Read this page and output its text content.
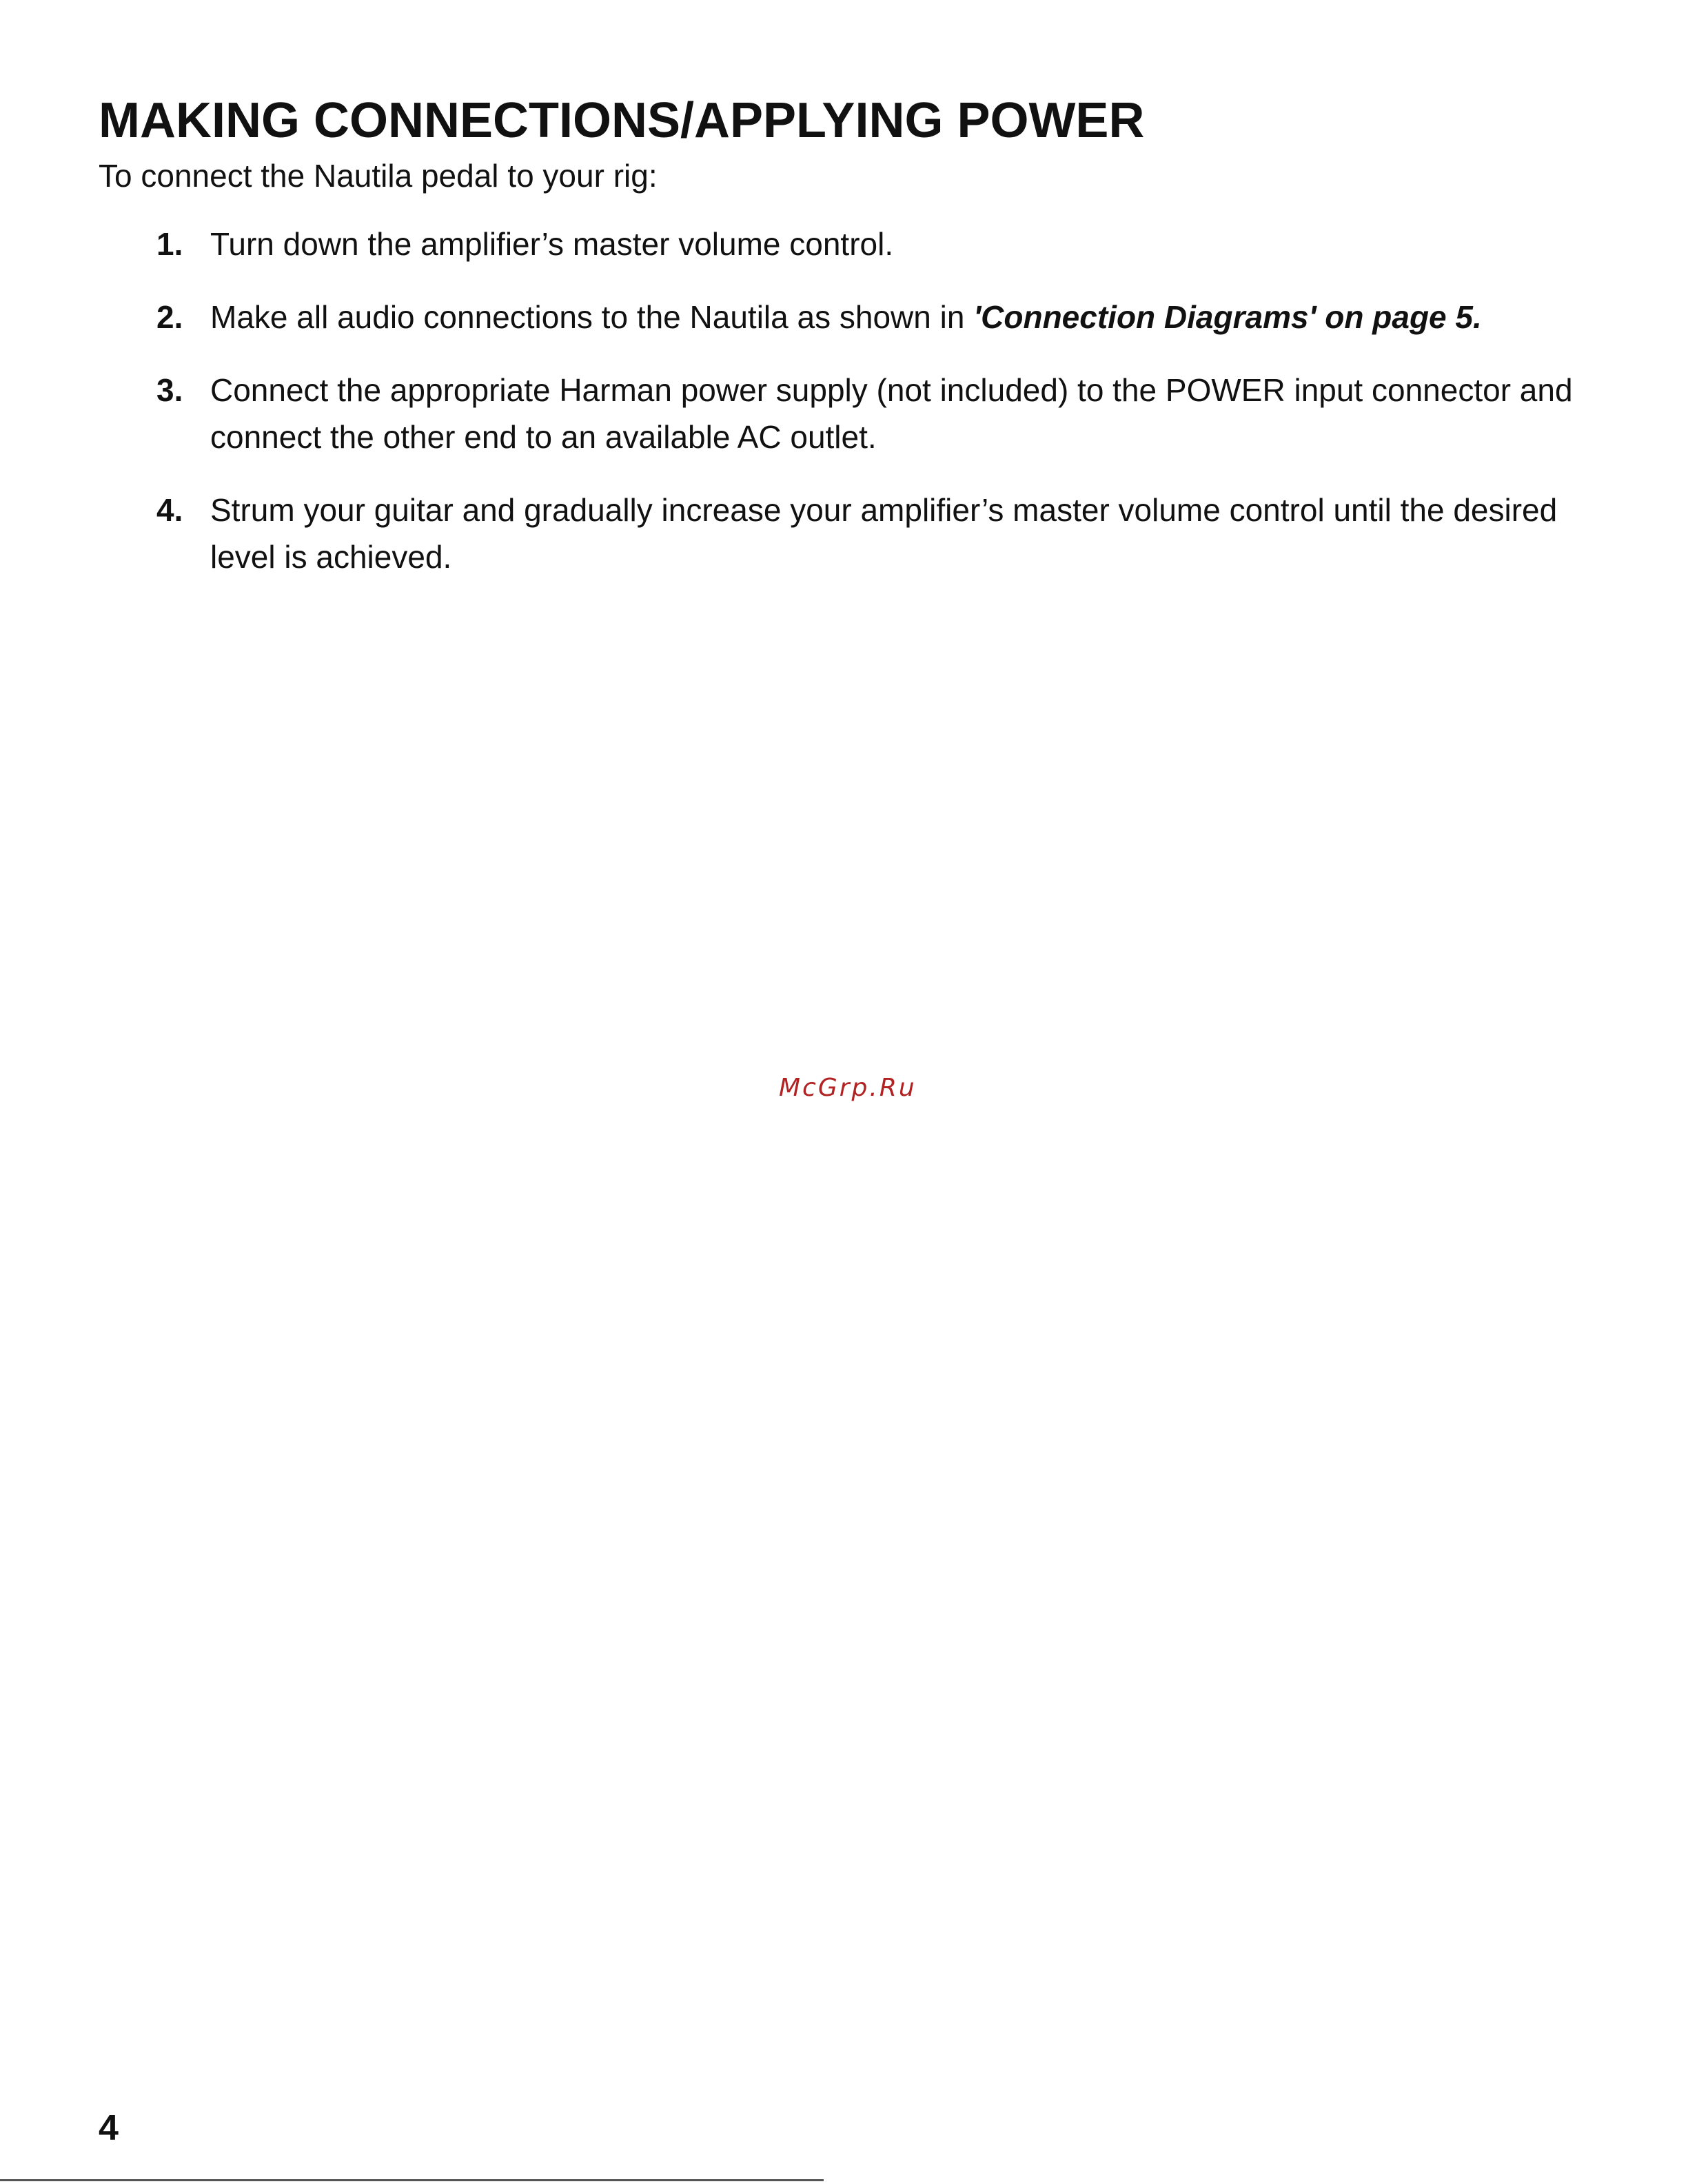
MAKING CONNECTIONS/APPLYING POWER

To connect the Nautila pedal to your rig:

1. Turn down the amplifier’s master volume control.
2. Make all audio connections to the Nautila as shown in 'Connection Diagrams' on page 5.
3. Connect the appropriate Harman power supply (not included) to the POWER input connector and connect the other end to an available AC outlet.
4. Strum your guitar and gradually increase your amplifier’s master volume control until the desired level is achieved.
McGrp.Ru
4
